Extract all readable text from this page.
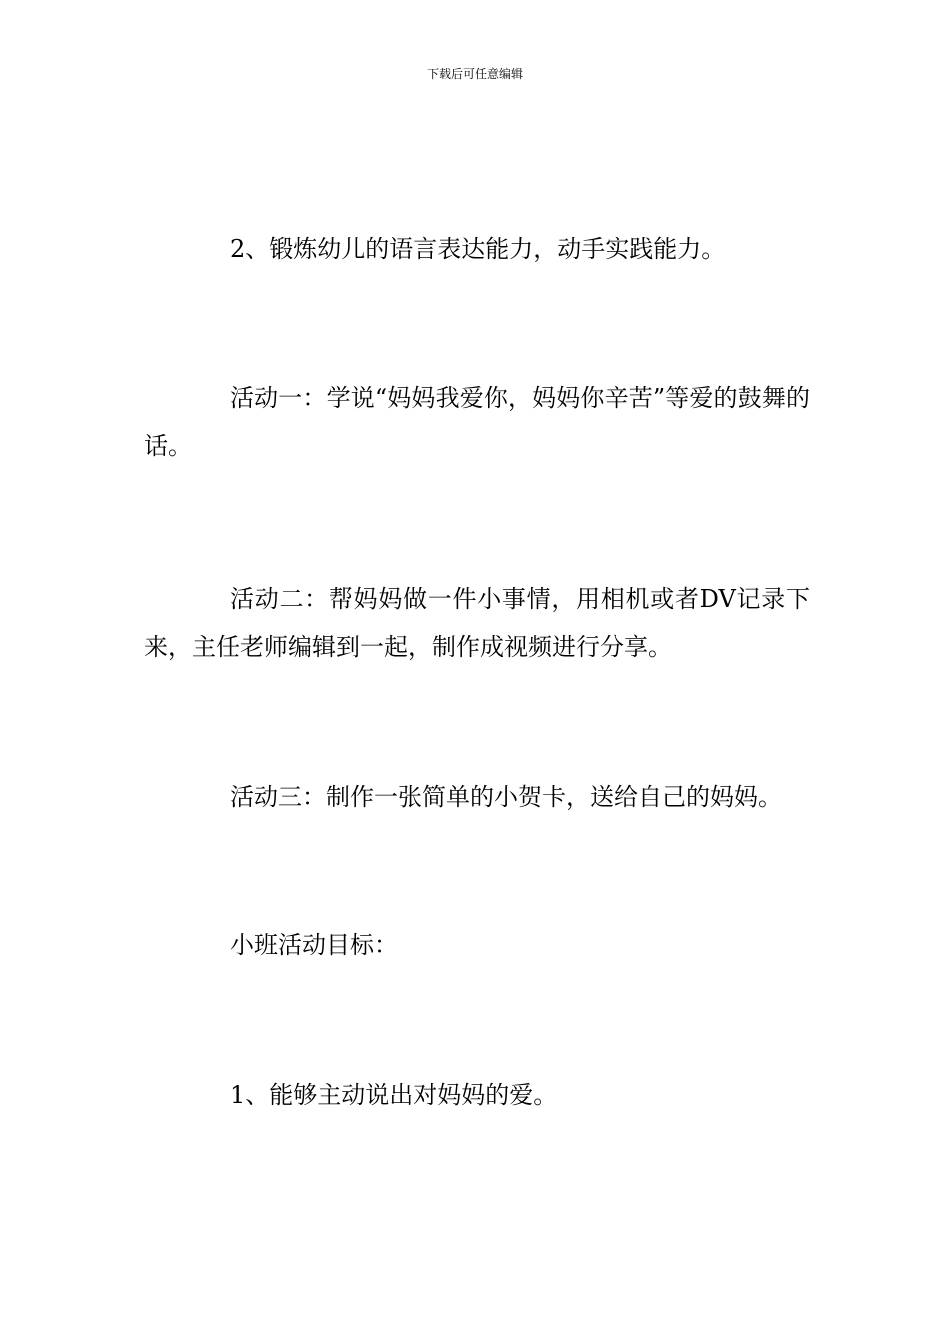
下载后可任意编辑

2、锻炼幼儿的语言表达能力，动手实践能力。

活动一：学说“妈妈我爱你，妈妈你辛苦”等爱的鼓舞的话。

活动二：帮妈妈做一件小事情，用相机或者DV记录下来，主任老师编辑到一起，制作成视频进行分享。

活动三：制作一张简单的小贺卡，送给自己的妈妈。

小班活动目标：

1、能够主动说出对妈妈的爱。
